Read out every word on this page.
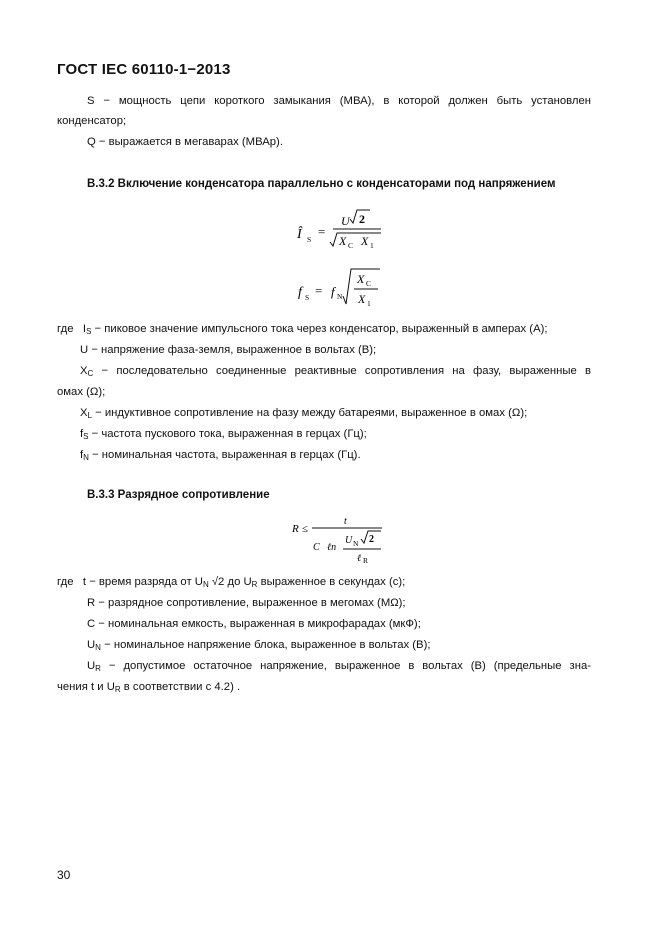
ГОСТ IEC 60110-1−2013
S − мощность цепи короткого замыкания (МВА), в которой должен быть установлен
конденсатор;
Q − выражается в мегаварах (МВАр).
B.3.2 Включение конденсатора параллельно с конденсаторами под напряжением
Î S
=
U 2
X C X 1
f S = f N
X C
X 1
где $I_S$ − пиковое значение импульсного тока через конденсатор, выраженный в амперах (А);
U − напряжение фаза-земля, выраженное в вольтах (В);
$X_С$ − последовательно соединенные реактивные сопротивления на фазу, выраженные в
омах (Ω);
$X_L$ − индуктивное сопротивление на фазу между батареями, выраженное в омах (Ω);
$f_S$ − частота пускового тока, выраженная в герцах (Гц);
$f_N$ − номинальная частота, выраженная в герцах (Гц).
B.3.3 Разрядное сопротивление
R ≤
t
C ℓn
U N 2
ℓ R
где t − время разряда от $U_N$ √2 до $U_R$ выраженное в секундах (с);
R − разрядное сопротивление, выраженное в мегомах (MΩ);
C − номинальная емкость, выраженная в микрофарадах (мкФ);
$U_N$ − номинальное напряжение блока, выраженное в вольтах (В);
$U_R$ − допустимое остаточное напряжение, выраженное в вольтах (В) (предельные зна-
чения t и $U_R$ в соответствии с 4.2) .
30
